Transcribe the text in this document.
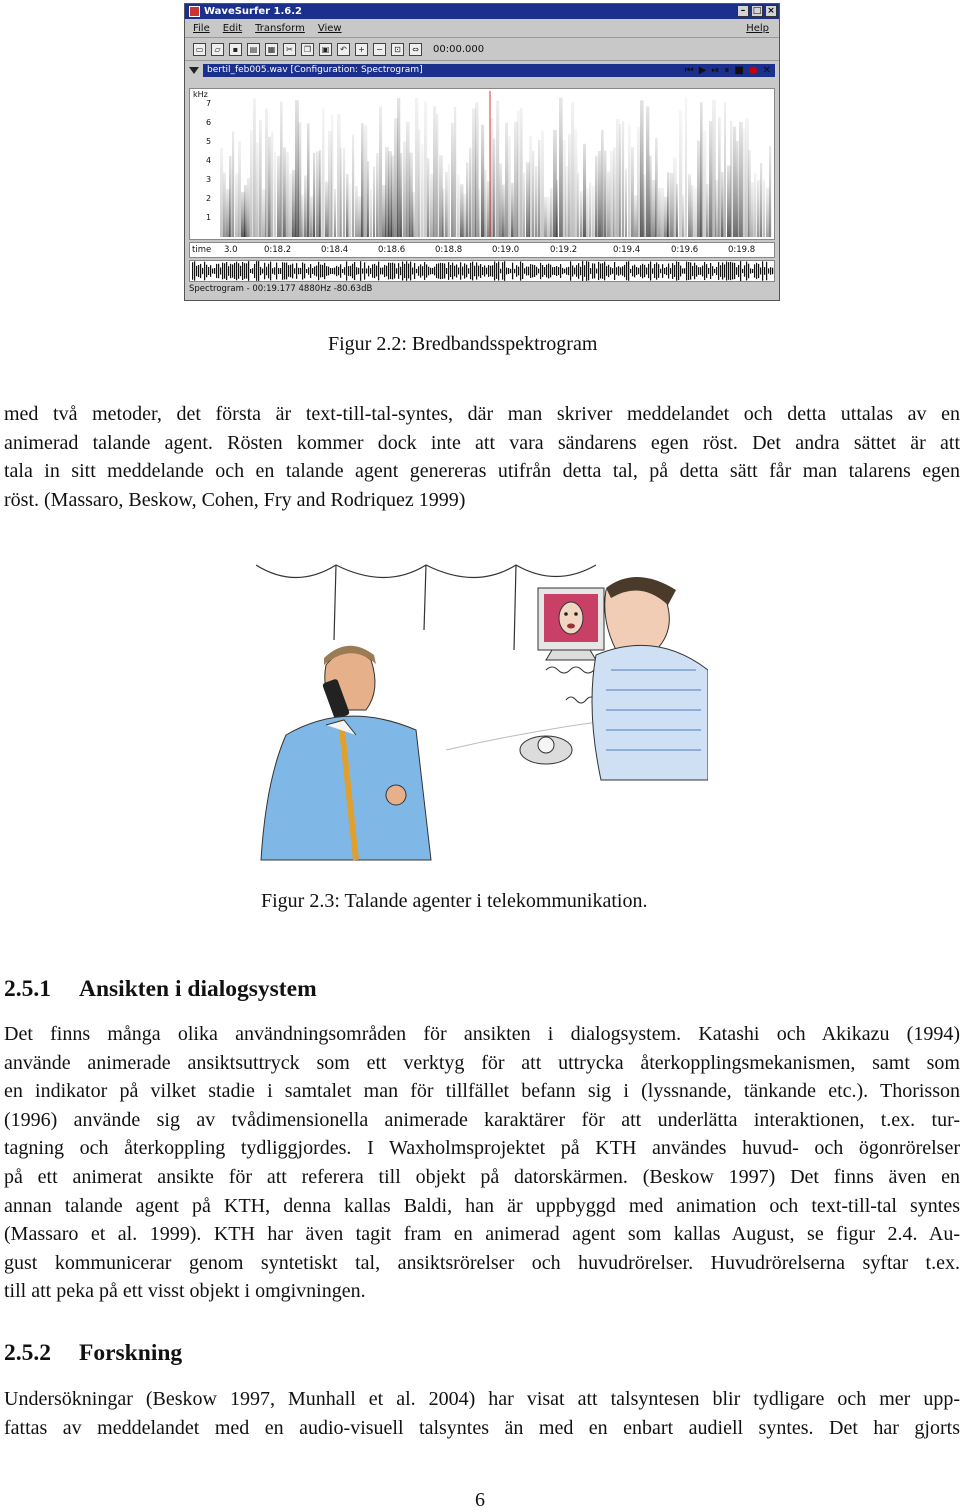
WaveSurfer 1.6.2	– □ ×
File Edit Transform View	Help
▭	▱	▪	▤	▦	✂	❐	▣	↶	+	−	⊡	⇔	00:00.000
bertil_feb005.wav [Configuration: Spectrogram]	⏮ ▶ ⏯ ⏸ ■ ● ✕
kHz
7
6
5
4
3
2
1
time 3.0	0:18.2	0:18.4	0:18.6	0:18.8	0:19.0	0:19.2	0:19.4	0:19.6	0:19.8
Spectrogram - 00:19.177 4880Hz -80.63dB
Figur 2.2: Bredbandsspektrogram
med två metoder, det första är text-till-tal-syntes, där man skriver meddelandet och detta uttalas av en
animerad talande agent. Rösten kommer dock inte att vara sändarens egen röst. Det andra sättet är att
tala in sitt meddelande och en talande agent genereras utifrån detta tal, på detta sätt får man talarens egen
röst. (Massaro, Beskow, Cohen, Fry and Rodriquez 1999)
Figur 2.3: Talande agenter i telekommunikation.
2.5.1 Ansikten i dialogsystem
Det finns många olika användningsområden för ansikten i dialogsystem. Katashi och Akikazu (1994)
använde animerade ansiktsuttryck som ett verktyg för att uttrycka återkopplingsmekanismen, samt som
en indikator på vilket stadie i samtalet man för tillfället befann sig i (lyssnande, tänkande etc.). Thorisson
(1996) använde sig av tvådimensionella animerade karaktärer för att underlätta interaktionen, t.ex. tur-
tagning och återkoppling tydliggjordes. I Waxholmsprojektet på KTH användes huvud- och ögonrörelser
på ett animerat ansikte för att referera till objekt på datorskärmen. (Beskow 1997) Det finns även en
annan talande agent på KTH, denna kallas Baldi, han är uppbyggd med animation och text-till-tal syntes
(Massaro et al. 1999). KTH har även tagit fram en animerad agent som kallas August, se figur 2.4. Au-
gust kommunicerar genom syntetiskt tal, ansiktsrörelser och huvudrörelser. Huvudrörelserna syftar t.ex.
till att peka på ett visst objekt i omgivningen.
2.5.2 Forskning
Undersökningar (Beskow 1997, Munhall et al. 2004) har visat att talsyntesen blir tydligare och mer upp-
fattas av meddelandet med en audio-visuell talsyntes än med en enbart audiell syntes. Det har gjorts
6
